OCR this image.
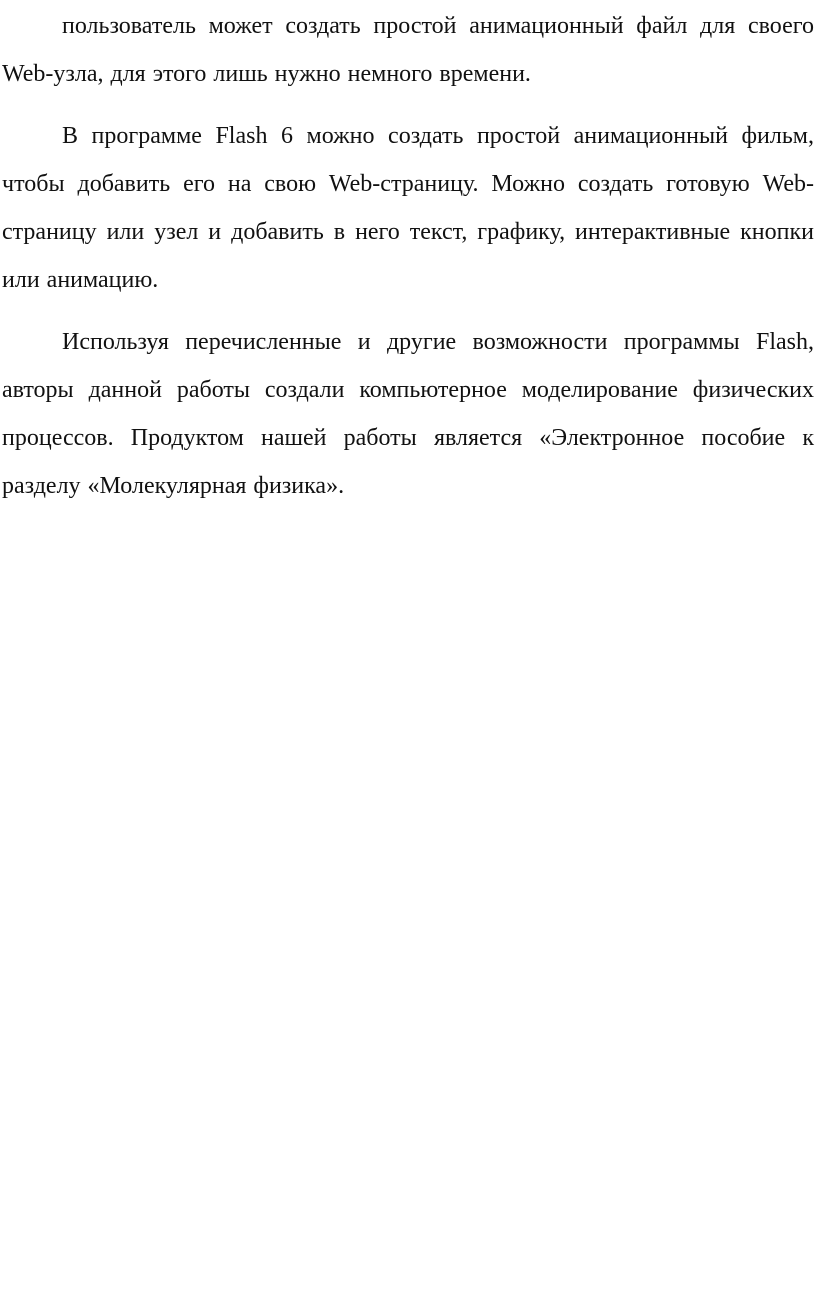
пользователь может создать простой анимационный файл для своего Web-узла, для этого лишь нужно немного времени.

В программе Flash 6 можно создать простой анимационный фильм, чтобы добавить его на свою Web-страницу. Можно создать готовую Web-страницу или узел и добавить в него текст, графику, интерактивные кнопки или анимацию.

Используя перечисленные и другие возможности программы Flash, авторы данной работы создали компьютерное моделирование физических процессов. Продуктом нашей работы является «Электронное пособие к разделу «Молекулярная физика».
